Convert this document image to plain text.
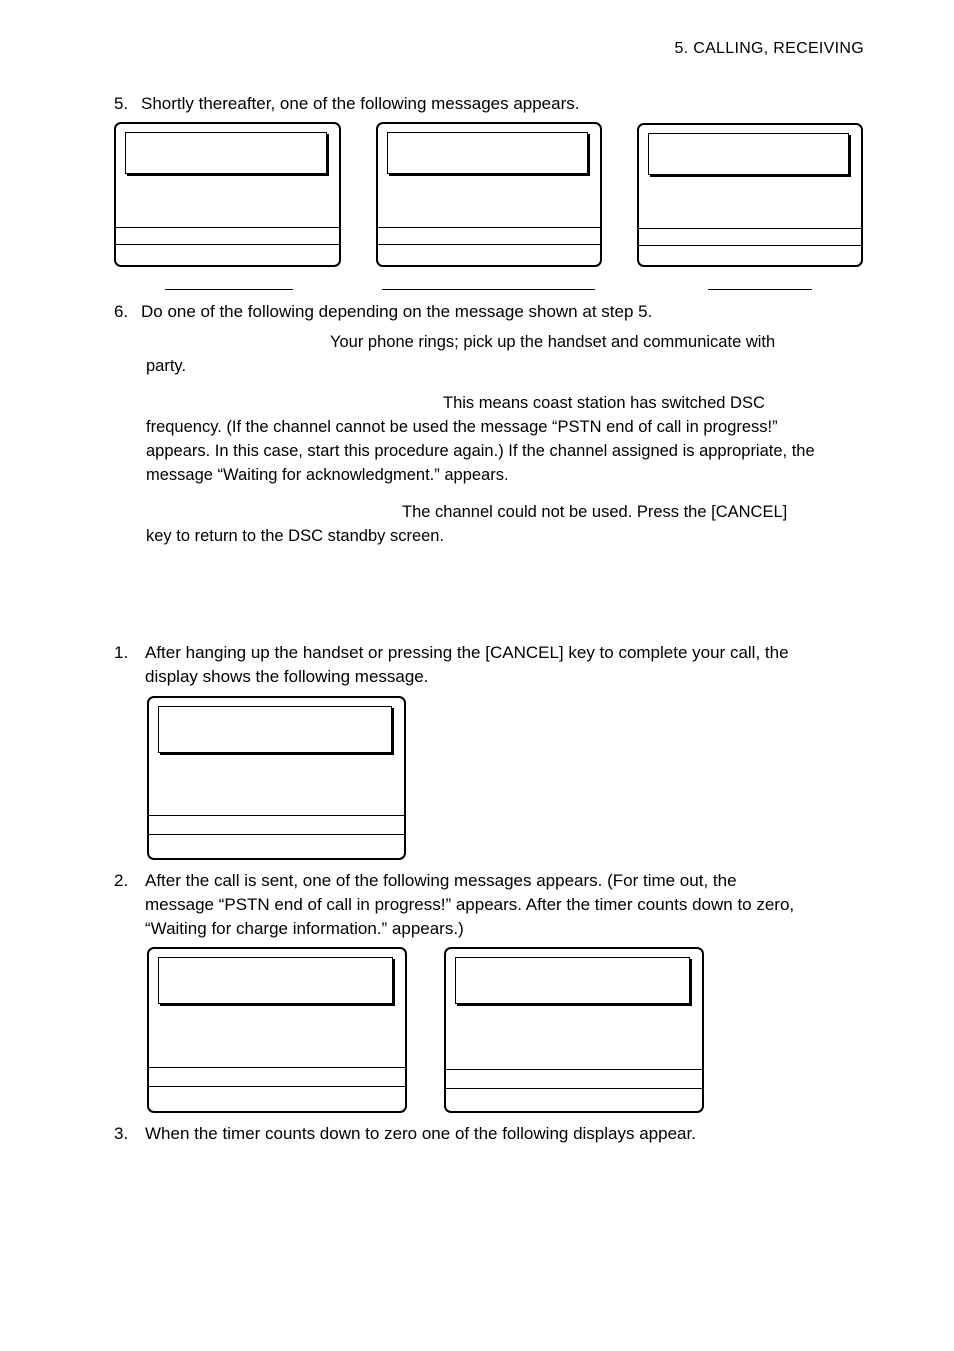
5. CALLING, RECEIVING
5. Shortly thereafter, one of the following messages appears.
6. Do one of the following depending on the message shown at step 5.
Your phone rings; pick up the handset and communicate with
party.
This means coast station has switched DSC
frequency. (If the channel cannot be used the message “PSTN end of call in progress!”
appears. In this case, start this procedure again.) If the channel assigned is appropriate, the
message “Waiting for acknowledgment.” appears.
The channel could not be used. Press the [CANCEL]
key to return to the DSC standby screen.
1. After hanging up the handset or pressing the [CANCEL] key to complete your call, the
display shows the following message.
2. After the call is sent, one of the following messages appears. (For time out, the
message “PSTN end of call in progress!” appears. After the timer counts down to zero,
“Waiting for charge information.” appears.)
3. When the timer counts down to zero one of the following displays appear.
